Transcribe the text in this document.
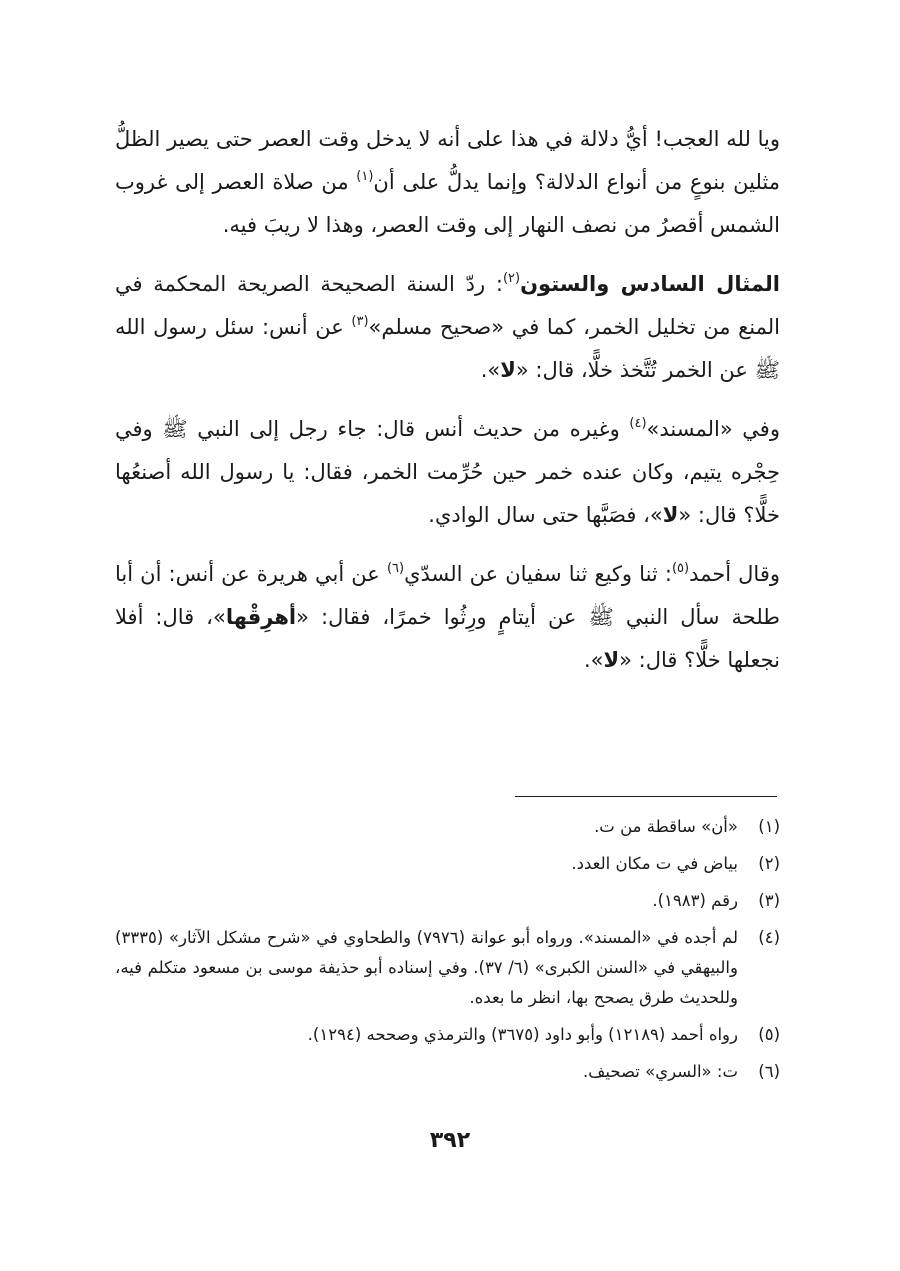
ويا لله العجب! أيُّ دلالة في هذا على أنه لا يدخل وقت العصر حتى يصير الظلُّ مثلين بنوعٍ من أنواع الدلالة؟ وإنما يدلُّ على أن$^{(١)}$ من صلاة العصر إلى غروب الشمس أقصرُ من نصف النهار إلى وقت العصر، وهذا لا ريبَ فيه.

المثال السادس والستون$^{(٢)}$: ردّ السنة الصحيحة الصريحة المحكمة في المنع من تخليل الخمر، كما في «صحيح مسلم»$^{(٣)}$ عن أنس: سئل رسول الله ﷺ عن الخمر تُتَّخذ خلًّا، قال: «لا».

وفي «المسند»$^{(٤)}$ وغيره من حديث أنس قال: جاء رجل إلى النبي ﷺ وفي حِجْره يتيم، وكان عنده خمر حين حُرِّمت الخمر، فقال: يا رسول الله أصنعُها خلًّا؟ قال: «لا»، فصَبَّها حتى سال الوادي.

وقال أحمد$^{(٥)}$: ثنا وكيع ثنا سفيان عن السدّي$^{(٦)}$ عن أبي هريرة عن أنس: أن أبا طلحة سأل النبي ﷺ عن أيتامٍ ورِثُوا خمرًا، فقال: «أهرِقْها»، قال: أفلا نجعلها خلًّا؟ قال: «لا».

(١)
«أن» ساقطة من ت.
(٢)
بياض في ت مكان العدد.
(٣)
رقم (١٩٨٣).
(٤)
لم أجده في «المسند». ورواه أبو عوانة (٧٩٧٦) والطحاوي في «شرح مشكل الآثار» (٣٣٣٥) والبيهقي في «السنن الكبرى» (٦/ ٣٧). وفي إسناده أبو حذيفة موسى بن مسعود متكلم فيه، وللحديث طرق يصحح بها، انظر ما بعده.
(٥)
رواه أحمد (١٢١٨٩) وأبو داود (٣٦٧٥) والترمذي وصححه (١٢٩٤).
(٦)
ت: «السري» تصحيف.
٣٩٢
